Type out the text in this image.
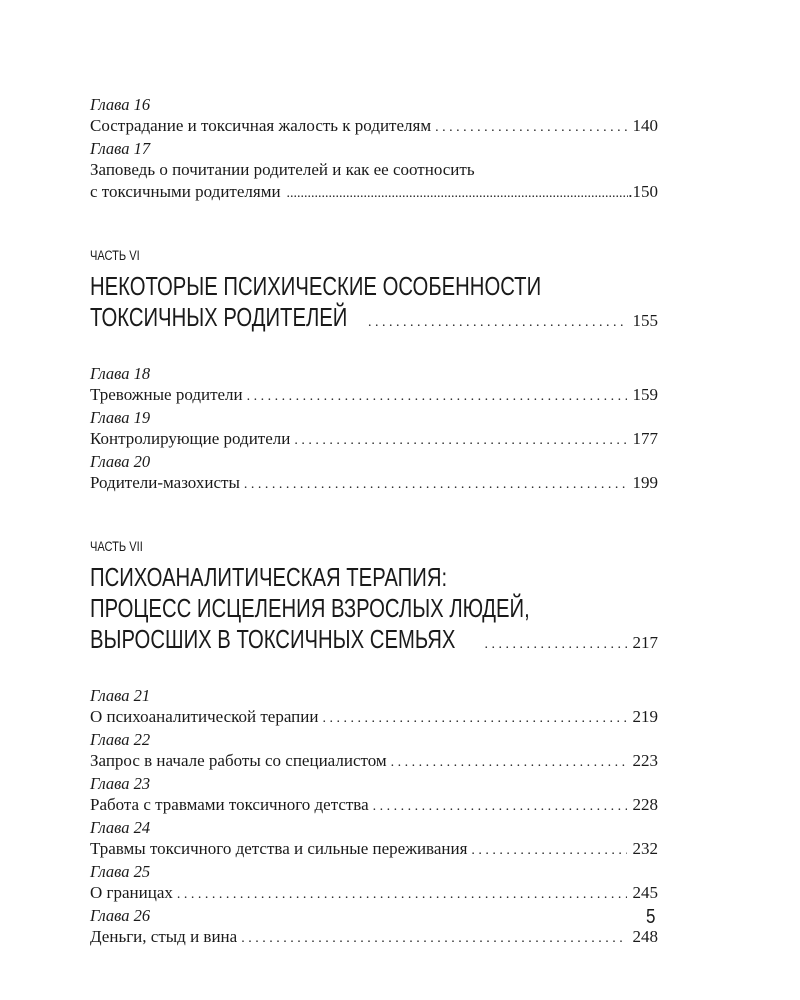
Глава 16
Сострадание и токсичная жалость к родителям . . .	140
Глава 17
Заповедь о почитании родителей и как ее соотносить
с токсичными родителями .....	.150
ЧАСТЬ VI
НЕКОТОРЫЕ ПСИХИЧЕСКИЕ ОСОБЕННОСТИ
ТОКСИЧНЫХ РОДИТЕЛЕЙ . . .	155
Глава 18
Тревожные родители . . .	159
Глава 19
Контролирующие родители . . .	177
Глава 20
Родители-мазохисты . . .	199
ЧАСТЬ VII
ПСИХОАНАЛИТИЧЕСКАЯ ТЕРАПИЯ:
ПРОЦЕСС ИСЦЕЛЕНИЯ ВЗРОСЛЫХ ЛЮДЕЙ,
ВЫРОСШИХ В ТОКСИЧНЫХ СЕМЬЯХ . . .	217
Глава 21
О психоаналитической терапии . . .	219
Глава 22
Запрос в начале работы со специалистом . . .	223
Глава 23
Работа с травмами токсичного детства . . .	228
Глава 24
Травмы токсичного детства и сильные переживания . . .	232
Глава 25
О границах . . .	245
Глава 26
Деньги, стыд и вина . . .	248
5
